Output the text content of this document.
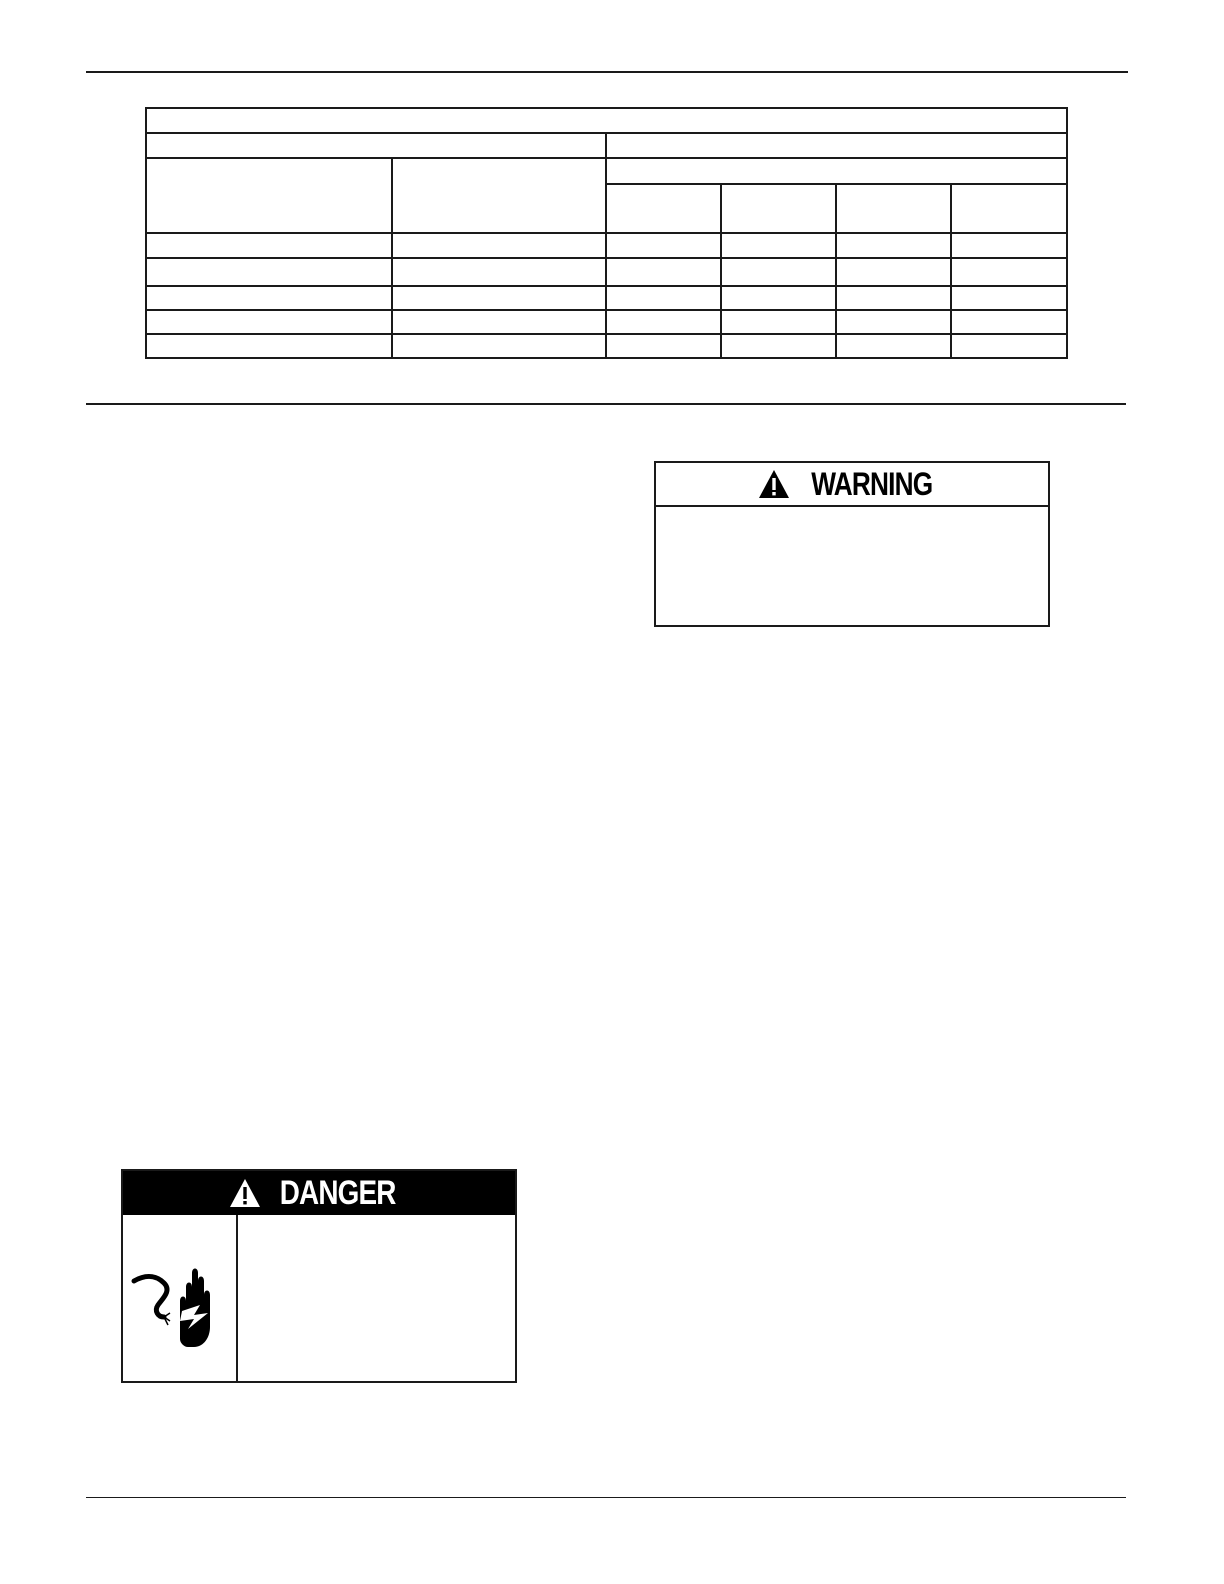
WARNING
DANGER
